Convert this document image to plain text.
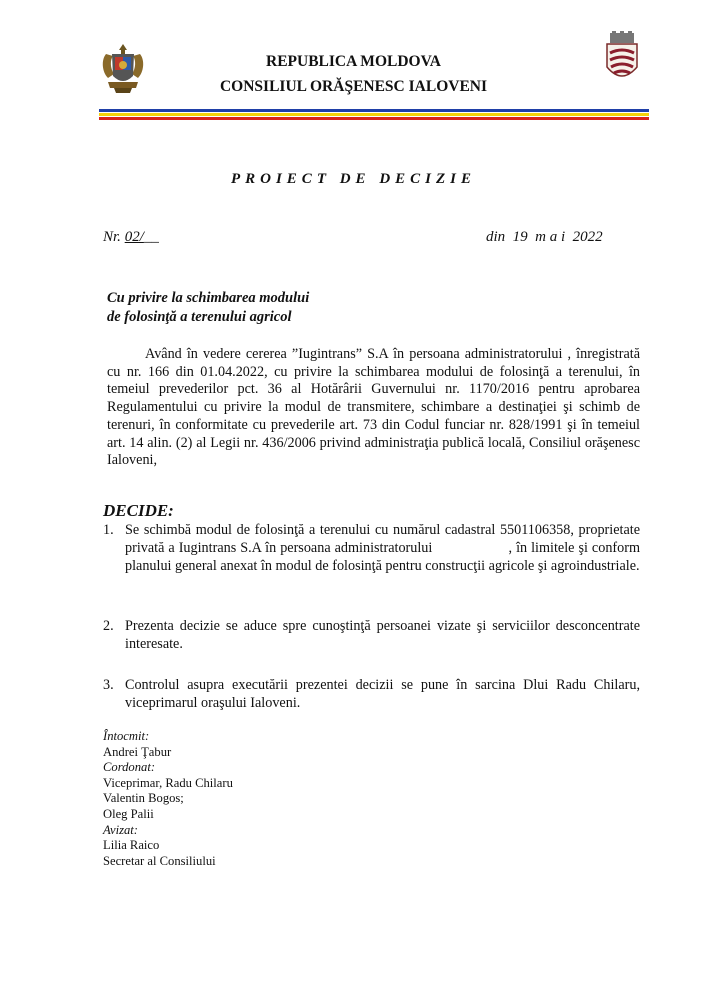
REPUBLICA MOLDOVA
CONSILIUL ORĂŞENESC IALOVENI
PROIECT DE DECIZIE
Nr. 02/__	din  19  m a i  2022
Cu privire la schimbarea modului
de folosinţă a terenului agricol
Având în vedere cererea ”Iugintrans” S.A în persoana administratorului , înregistrată cu nr. 166 din 01.04.2022, cu privire la schimbarea modului de folosinţă a terenului, în temeiul prevederilor pct. 36 al Hotărârii Guvernului nr. 1170/2016 pentru aprobarea Regulamentului cu privire la modul de transmitere, schimbare a destinaţiei şi schimb de terenuri, în conformitate cu prevederile art. 73 din Codul funciar nr. 828/1991 şi în temeiul art. 14 alin. (2) al Legii nr. 436/2006 privind administraţia publică locală, Consiliul orăşenesc Ialoveni,
DECIDE:
1. Se schimbă modul de folosinţă a terenului cu numărul cadastral 5501106358, proprietate privată a Iugintrans S.A în persoana administratorului                   , în limitele şi conform planului general anexat în modul de folosinţă pentru construcţii agricole şi agroindustriale.
2. Prezenta decizie se aduce spre cunoştinţă persoanei vizate şi serviciilor desconcentrate interesate.
3. Controlul asupra executării prezentei decizii se pune în sarcina Dlui Radu Chilaru, viceprimarul oraşului Ialoveni.
Întocmit:
Andrei Ţabur
Cordonat:
Viceprimar, Radu Chilaru
Valentin Bogos;
Oleg Palii
Avizat:
Lilia Raico
Secretar al Consiliului
